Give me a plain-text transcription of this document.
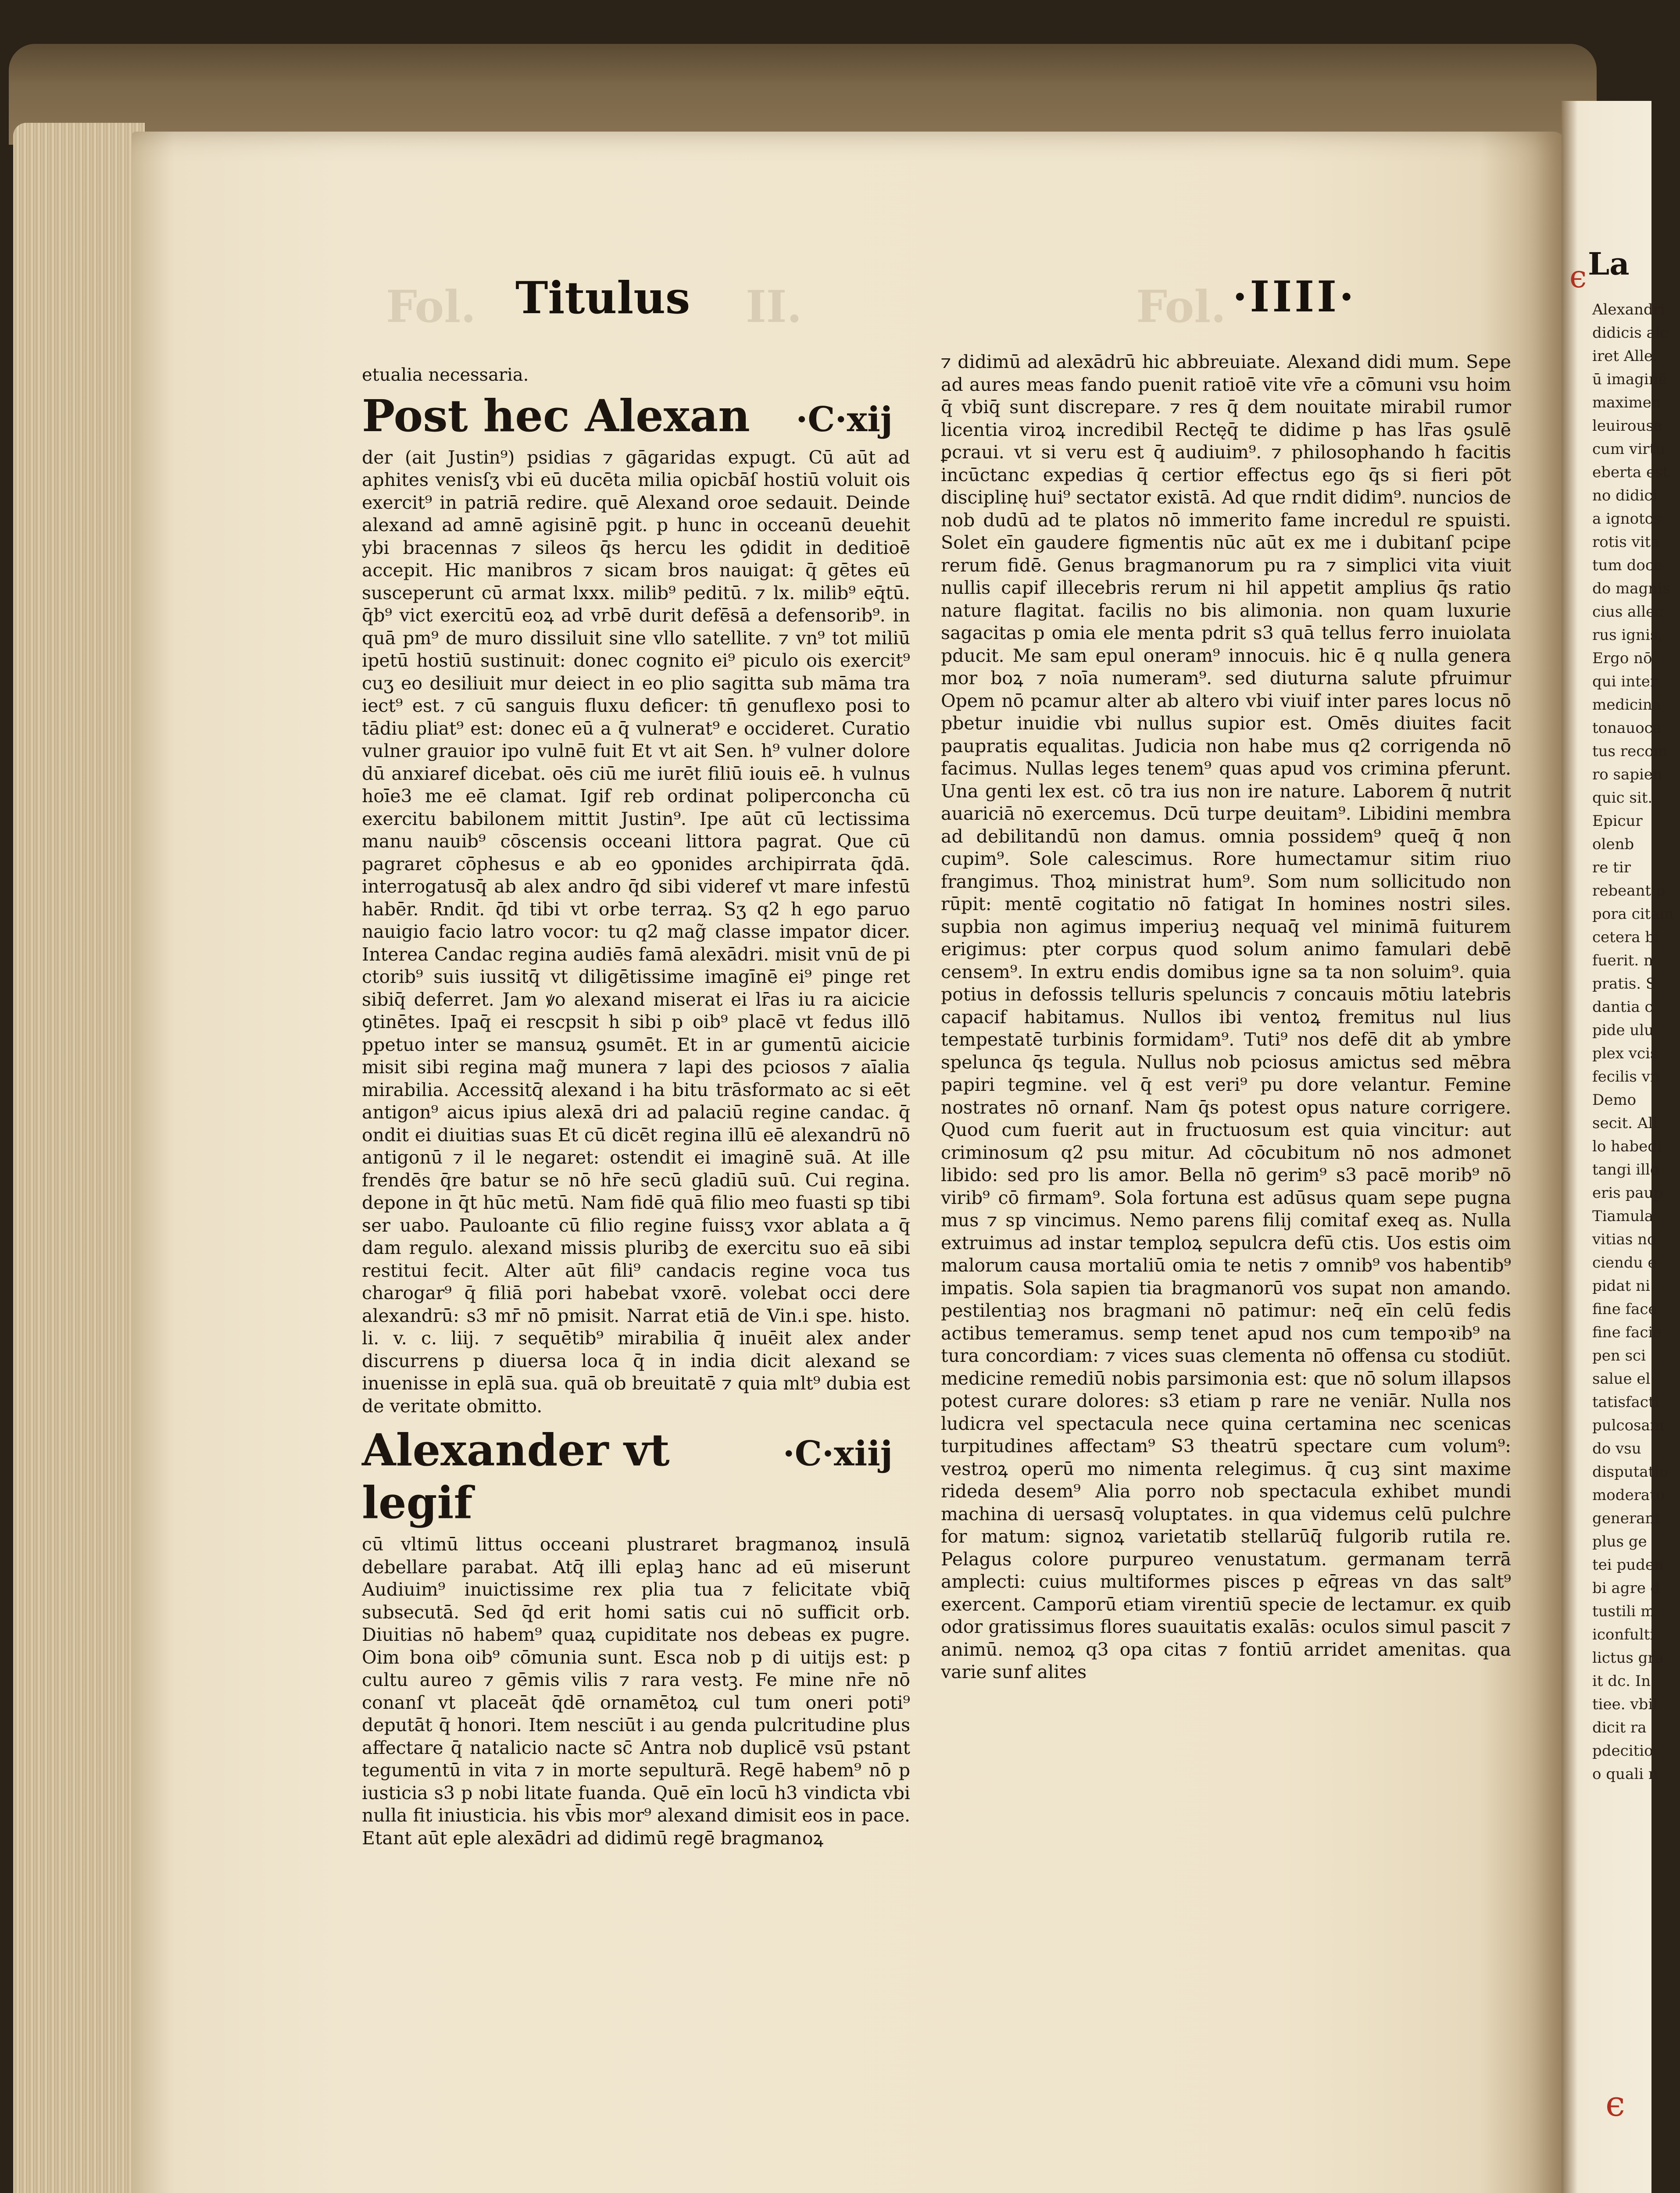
Fol.	II.	Fol.
Titulus	·IIII·

etualia necessaria.

Post hec Alexan ·C·xij

der (ait Justin⁹) psidias ⁊ gāgaridas expugt. Cū aūt ad aphites venisſʒ vbi eū ducēta milia opicbāſ hostiū voluit ois exercit⁹ in patriā redire. quē Alexand oroe sedauit. Deinde alexand ad amnē agisinē pgit. p hunc in occeanū deuehit ybi bracennas ⁊ sileos q̄s hercu les ꝯdidit in deditioē accepit. Hic manibros ⁊ sicam bros nauigat: q̄ gētes eū susceperunt cū armat lxxx. milib⁹ peditū. ⁊ lx. milib⁹ eq̄tū. q̄b⁹ vict exercitū eoꝝ ad vrbē durit defēsā a defensorib⁹. in quā pm⁹ de muro dissiluit sine vllo satellite. ⁊ vn⁹ tot miliū ipetū hostiū sustinuit: donec cognito ei⁹ piculo ois exercit⁹ cuʒ eo desiliuit mur deiect in eo plio sagitta sub māma tra iect⁹ est. ⁊ cū sanguis fluxu deficer: tn̄ genuflexo posi to tādiu pliat⁹ est: donec eū a q̄ vulnerat⁹ e occideret. Curatio vulner grauior ipo vulnē fuit Et vt ait Sen. h⁹ vulner dolore dū anxiaref dicebat. oēs ciū me iurēt filiū iouis eē. h vulnus hoīe3 me eē clamat. Igif reb ordinat poliperconcha cū exercitu babilonem mittit Justin⁹. Ipe aūt cū lectissima manu nauib⁹ cōscensis occeani littora pagrat. Que cū pagraret cōphesus e ab eo ꝯponides archipirrata q̄dā. interrogatusq̄ ab alex andro q̄d sibi videref vt mare infestū habēr. Rndit. q̄d tibi vt orbe terraꝝ. Sʒ q2 h ego paruo nauigio facio latro vocor: tu q2 mag̃ classe impator dicer. Interea Candac regina audiēs famā alexādri. misit vnū de pi ctorib⁹ suis iussitq̄ vt diligētissime imagīnē ei⁹ pinge ret sibiq̄ deferret. Jam ꝟo alexand miserat ei lr̄as iu ra aicicie ꝯtinētes. Ipaq̄ ei rescpsit h sibi p oib⁹ placē vt fedus illō ppetuo inter se mansuꝝ ꝯsumēt. Et in ar gumentū aicicie misit sibi regina mag̃ munera ⁊ lapi des pciosos ⁊ aīalia mirabilia. Accessitq̄ alexand i ha bitu trāsformato ac si eēt antigon⁹ aicus ipius alexā dri ad palaciū regine candac. q̄ ondit ei diuitias suas Et cū dicēt regina illū eē alexandrū nō antigonū ⁊ il le negaret: ostendit ei imaginē suā. At ille frendēs q̄re batur se nō hr̄e secū gladiū suū. Cui regina. depone in q̄t hūc metū. Nam fidē quā filio meo fuasti sp tibi ser uabo. Pauloante cū filio regine fuissʒ vxor ablata a q̄ dam regulo. alexand missis pluribꝫ de exercitu suo eā sibi restitui fecit. Alter aūt fili⁹ candacis regine voca tus charogar⁹ q̄ filiā pori habebat vxorē. volebat occi dere alexandrū: s3 mr̄ nō pmisit. Narrat etiā de Vin.i spe. histo. li. v. c. liij. ⁊ sequētib⁹ mirabilia q̄ inuēit alex ander discurrens p diuersa loca q̄ in india dicit alexand se inuenisse in eplā sua. quā ob breuitatē ⁊ quia mlt⁹ dubia est de veritate obmitto.

Alexander vt legif
·C·xiij

cū vltimū littus occeani plustraret bragmanoꝝ insulā debellare parabat. Atq̄ illi eplaꝫ hanc ad eū miserunt Audiuim⁹ inuictissime rex plia tua ⁊ felicitate vbiq̄ subsecutā. Sed q̄d erit homi satis cui nō sufficit orb. Diuitias nō habem⁹ quaꝝ cupiditate nos debeas ex pugre. Oim bona oib⁹ cōmunia sunt. Esca nob p di uitijs est: p cultu aureo ⁊ gēmis vilis ⁊ rara vestꝫ. Fe mine nr̄e nō conanſ vt placeāt q̄dē ornamētoꝝ cul tum oneri poti⁹ deputāt q̄ honori. Item nesciūt i au genda pulcritudine plus affectare q̄ natalicio nacte sc̄ Antra nob duplicē vsū pstant tegumentū in vita ⁊ in morte sepulturā. Regē habem⁹ nō p iusticia s3 p nobi litate fuanda. Quē eīn locū h3 vindicta vbi nulla fit iniusticia. his vb̄is mor⁹ alexand dimisit eos in pace. Etant aūt eple alexādri ad didimū regē bragmanoꝝ

⁊ didimū ad alexādrū hic abbreuiate. Alexand didi mum. Sepe ad aures meas fando puenit ratioē vite vr̄e a cōmuni vsu hoim q̄ vbiq̄ sunt discrepare. ⁊ res q̄ dem nouitate mirabil rumor licentia viroꝝ incredibil Rectęq̄ te didime p has lr̄as ꝯsulē ꝑcraui. vt si veru est q̄ audiuim⁹. ⁊ philosophando h facitis incūctanc expedias q̄ certior effectus ego q̄s si fieri pōt disciplinę hui⁹ sectator existā. Ad que rndit didim⁹. nuncios de nob dudū ad te platos nō immerito fame incredul re spuisti. Solet eīn gaudere figmentis nūc aūt ex me i dubitanſ pcipe rerum fidē. Genus bragmanorum pu ra ⁊ simplici vita viuit nullis capif illecebris rerum ni hil appetit amplius q̄s ratio nature flagitat. facilis no bis alimonia. non quam luxurie sagacitas p omia ele menta pdrit s3 quā tellus ferro inuiolata pducit. Me sam epul oneram⁹ innocuis. hic ē q nulla genera mor boꝝ ⁊ noīa numeram⁹. sed diuturna salute pfruimur Opem nō pcamur alter ab altero vbi viuif inter pares locus nō pbetur inuidie vbi nullus supior est. Omēs diuites facit paupratis equalitas. Judicia non habe mus q2 corrigenda nō facimus. Nullas leges tenem⁹ quas apud vos crimina pferunt. Una genti lex est. cō tra ius non ire nature. Laborem q̄ nutrit auariciā nō exercemus. Dcū turpe deuitam⁹. Libidini membra ad debilitandū non damus. omnia possidem⁹ queq̄ q̄ non cupim⁹. Sole calescimus. Rore humectamur sitim riuo frangimus. Thoꝝ ministrat hum⁹. Som num sollicitudo non rūpit: mentē cogitatio nō fatigat In homines nostri siles. supbia non agimus imperiuꝫ nequaq̄ vel minimā fuiturem erigimus: pter corpus quod solum animo famulari debē censem⁹. In extru endis domibus igne sa ta non soluim⁹. quia potius in defossis telluris speluncis ⁊ concauis mōtiu latebris capacif habitamus. Nullos ibi ventoꝝ fremitus nul lius tempestatē turbinis formidam⁹. Tuti⁹ nos defē dit ab ymbre spelunca q̄s tegula. Nullus nob pciosus amictus sed mēbra papiri tegmine. vel q̄ est veri⁹ pu dore velantur. Femine nostrates nō ornanf. Nam q̄s potest opus nature corrigere. Quod cum fuerit aut in fructuosum est quia vincitur: aut criminosum q2 psu mitur. Ad cōcubitum nō nos admonet libido: sed pro lis amor. Bella nō gerim⁹ s3 pacē morib⁹ nō virib⁹ cō firmam⁹. Sola fortuna est adūsus quam sepe pugna mus ⁊ sp vincimus. Nemo parens filij comitaf exeq as. Nulla extruimus ad instar temploꝝ sepulcra defū ctis. Uos estis oim malorum causa mortaliū omia te netis ⁊ omnib⁹ vos habentib⁹ impatis. Sola sapien tia bragmanorū vos supat non amando. pestilentiaꝫ nos bragmani nō patimur: neq̄ eīn celū fedis actibus temeramus. semp tenet apud nos cum tempoꝛib⁹ na tura concordiam: ⁊ vices suas clementa nō offensa cu stodiūt. medicine remediū nobis parsimonia est: que nō solum illapsos potest curare dolores: s3 etiam p rare ne veniār. Nulla nos ludicra vel spectacula nece quina certamina nec scenicas turpitudines affectam⁹ S3 theatrū spectare cum volum⁹: vestroꝝ operū mo nimenta relegimus. q̄ cuꝫ sint maxime rideda desem⁹ Alia porro nob spectacula exhibet mundi machina di uersasq̄ voluptates. in qua videmus celū pulchre for matum: signoꝝ varietatib stellarūq̄ fulgorib rutila re. Pelagus colore purpureo venustatum. germanam terrā amplecti: cuius multiformes pisces p eq̄reas vn das salt⁹ exercent. Camporū etiam virentiū specie de lectamur. ex quib odor gratissimus flores suauitatis exalās: oculos simul pascit ⁊ animū. nemoꝝ q3 opa citas ⁊ fontiū arridet amenitas. qua varie sunf alites

ϵ La
Alexandri
didicis alc
iret Alle.
ū imaginē
maximen
leuirouse
cum virtu
eberta est
no didici
a ignotos
rotis vita
tum doce
do magnis
cius allec
rus ignis,
Ergo nō
qui inter
medicina
tonauoca
tus recom
ro sapien
quic sit.
Epicur
olenb
re tir
rebeant p
pora citam
cetera bi
fuerit. n
pratis. S
dantia c
pide ulu
plex vcis
fecilis vn
Demo
secit. All
lo habedi
tangi illo
eris paup
Tiamula
vitias no
ciendu e
pidat ni
fine face
fine facie
pen sci
salue el
tatisfacti
pulcosam
do vsu
disputatio
moderato
generant
plus ge
tei puden
bi agre d
tustili m
iconfulti
lictus gra
it dc. In
tiee. vbil
dicit ra
pdecitio
o quali n
ϵ
